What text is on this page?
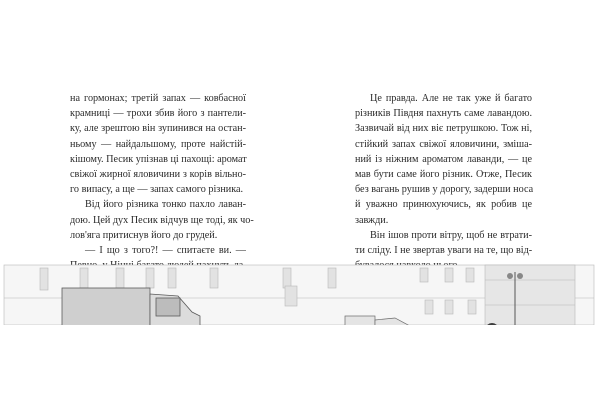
на гормонах; третій запах — ковбасної
крамниці — трохи збив його з пантели-
ку, але зрештою він зупинився на остан-
ньому — найдальшому, проте найстій-
кішому. Песик упізнав ці пахощі: аромат
свіжої жирної яловичини з корів вільно-
го випасу, а ще — запах самого різника.
Від його різника тонко пахло лаван-
дою. Цей дух Песик відчув ще тоді, як чо-
лов'яга притиснув його до грудей.
— І що з того?! — спитаєте ви. —
Це правда. Але не так уже й багато
різників Півдня пахнуть саме лавандою.
Зазвичай від них віє петрушкою. Тож ні,
стійкий запах свіжої яловичини, змішa-
ний із ніжним ароматом лаванди, — це
мав бути саме його різник. Отже, Песик
без вагань рушив у дорогу, задерши носа
й уважно принюхуючись, як робив це
завжди.
Він ішов проти вітру, щоб не втрати-
ти сліду. І не звертав уваги на те, що від-
